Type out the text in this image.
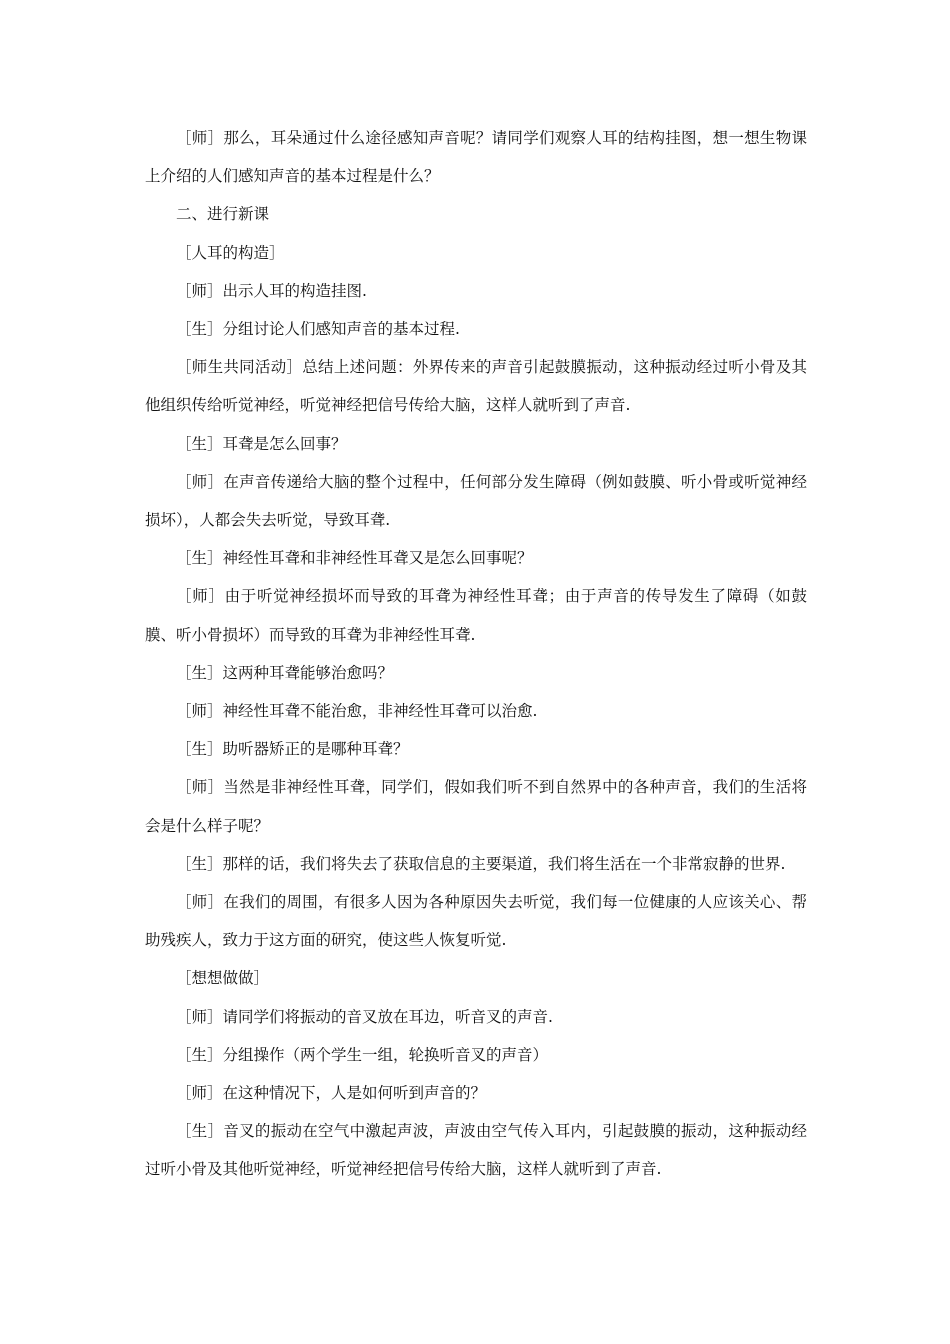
［师］那么，耳朵通过什么途径感知声音呢？请同学们观察人耳的结构挂图，想一想生物课上介绍的人们感知声音的基本过程是什么？

二、进行新课

［人耳的构造］

［师］出示人耳的构造挂图.

［生］分组讨论人们感知声音的基本过程.

［师生共同活动］总结上述问题：外界传来的声音引起鼓膜振动，这种振动经过听小骨及其他组织传给听觉神经，听觉神经把信号传给大脑，这样人就听到了声音.

［生］耳聋是怎么回事？

［师］在声音传递给大脑的整个过程中，任何部分发生障碍（例如鼓膜、听小骨或听觉神经损坏），人都会失去听觉，导致耳聋.

［生］神经性耳聋和非神经性耳聋又是怎么回事呢？

［师］由于听觉神经损坏而导致的耳聋为神经性耳聋；由于声音的传导发生了障碍（如鼓膜、听小骨损坏）而导致的耳聋为非神经性耳聋.

［生］这两种耳聋能够治愈吗？

［师］神经性耳聋不能治愈，非神经性耳聋可以治愈.

［生］助听器矫正的是哪种耳聋？

［师］当然是非神经性耳聋，同学们，假如我们听不到自然界中的各种声音，我们的生活将会是什么样子呢？

［生］那样的话，我们将失去了获取信息的主要渠道，我们将生活在一个非常寂静的世界.

［师］在我们的周围，有很多人因为各种原因失去听觉，我们每一位健康的人应该关心、帮助残疾人，致力于这方面的研究，使这些人恢复听觉.

［想想做做］

［师］请同学们将振动的音叉放在耳边，听音叉的声音.

［生］分组操作（两个学生一组，轮换听音叉的声音）

［师］在这种情况下，人是如何听到声音的？

［生］音叉的振动在空气中激起声波，声波由空气传入耳内，引起鼓膜的振动，这种振动经过听小骨及其他听觉神经，听觉神经把信号传给大脑，这样人就听到了声音.
